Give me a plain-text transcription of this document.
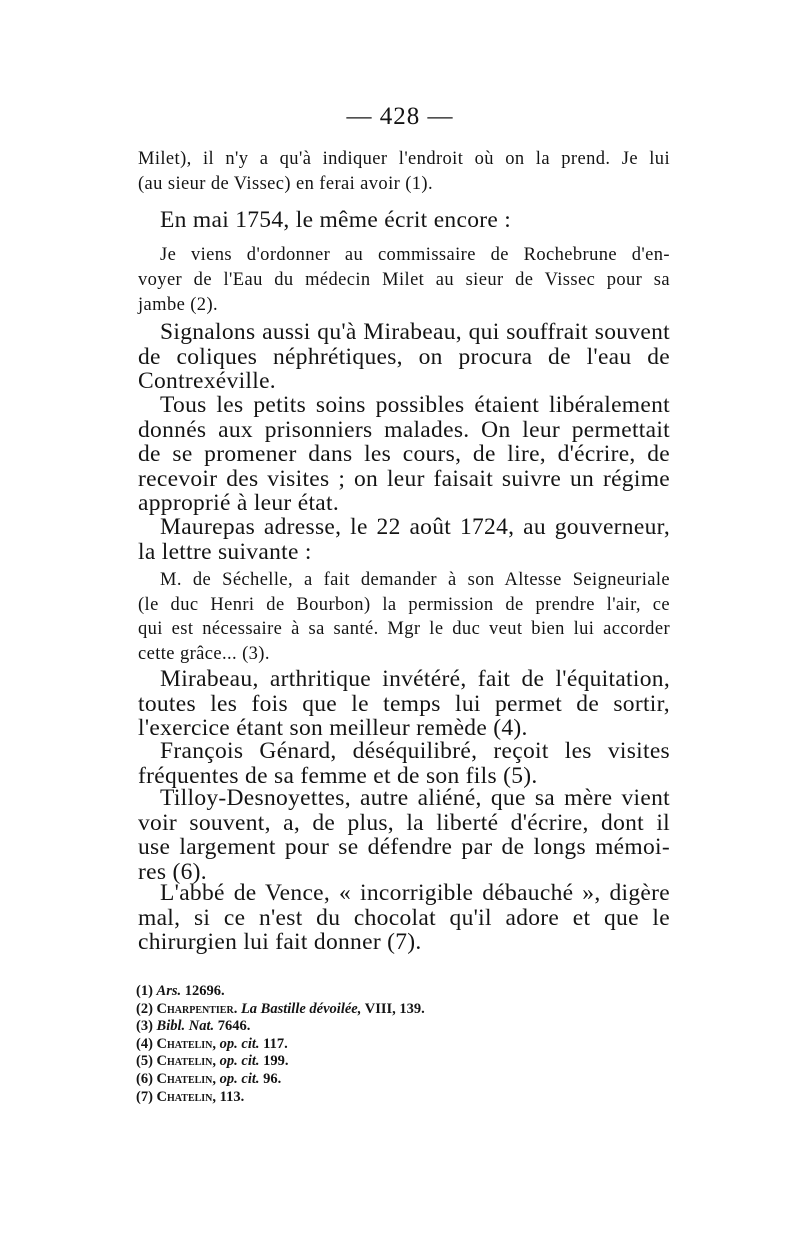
— 428 —
Milet), il n'y a qu'à indiquer l'endroit où on la prend. Je lui
(au sieur de Vissec) en ferai avoir (1).
En mai 1754, le même écrit encore :
Je viens d'ordonner au commissaire de Rochebrune d'en-
voyer de l'Eau du médecin Milet au sieur de Vissec pour sa
jambe (2).
Signalons aussi qu'à Mirabeau, qui souffrait souvent
de coliques néphrétiques, on procura de l'eau de
Contrexéville.
Tous les petits soins possibles étaient libéralement
donnés aux prisonniers malades. On leur permettait
de se promener dans les cours, de lire, d'écrire, de
recevoir des visites ; on leur faisait suivre un régime
approprié à leur état.
Maurepas adresse, le 22 août 1724, au gouverneur,
la lettre suivante :
M. de Séchelle, a fait demander à son Altesse Seigneuriale
(le duc Henri de Bourbon) la permission de prendre l'air, ce
qui est nécessaire à sa santé. Mgr le duc veut bien lui accorder
cette grâce... (3).
Mirabeau, arthritique invétéré, fait de l'équitation,
toutes les fois que le temps lui permet de sortir,
l'exercice étant son meilleur remède (4).
François Génard, déséquilibré, reçoit les visites
fréquentes de sa femme et de son fils (5).
Tilloy-Desnoyettes, autre aliéné, que sa mère vient
voir souvent, a, de plus, la liberté d'écrire, dont il
use largement pour se défendre par de longs mémoi-
res (6).
L'abbé de Vence, « incorrigible débauché », digère
mal, si ce n'est du chocolat qu'il adore et que le
chirurgien lui fait donner (7).
(1) Ars. 12696.
(2) Charpentier. La Bastille dévoilée, VIII, 139.
(3) Bibl. Nat. 7646.
(4) Chatelin, op. cit. 117.
(5) Chatelin, op. cit. 199.
(6) Chatelin, op. cit. 96.
(7) Chatelin, 113.
